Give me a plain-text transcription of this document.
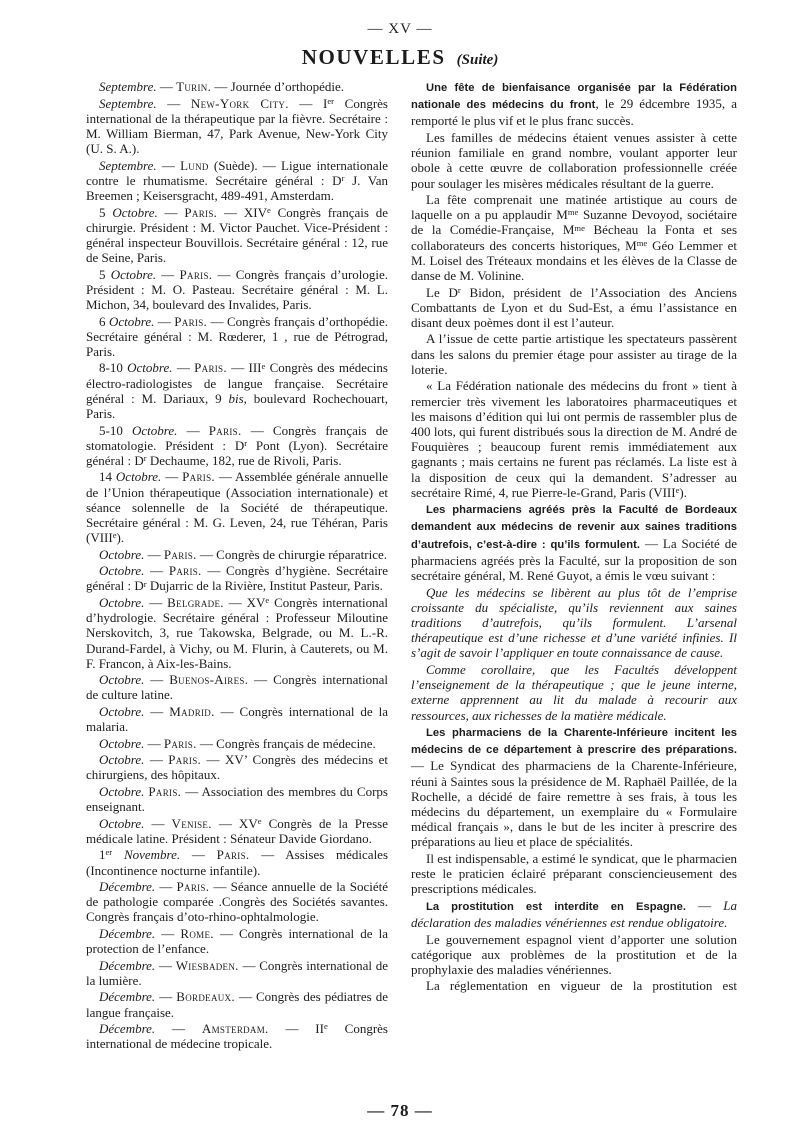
— XV —
NOUVELLES (Suite)

Septembre. — Turin. — Journée d’orthopédie.

Septembre. — New-York City. — Ier Congrès international de la thérapeutique par la fièvre. Secrétaire : M. William Bierman, 47, Park Avenue, New-York City (U. S. A.).

Septembre. — Lund (Suède). — Ligue internationale contre le rhumatisme. Secrétaire général : $D^r$ J. Van Breemen ; Keisersgracht, 489-491, Amsterdam.

5 Octobre. — Paris. — XIVe Congrès français de chirurgie. Président : M. Victor Pauchet. Vice-Président : général inspecteur Bouvillois. Secrétaire général : 12, rue de Seine, Paris.

5 Octobre. — Paris. — Congrès français d’urologie. Président : M. O. Pasteau. Secrétaire général : M. L. Michon, 34, boulevard des Invalides, Paris.

6 Octobre. — Paris. — Congrès français d’orthopédie. Secrétaire général : M. Rœderer, 1 , rue de Pétrograd, Paris.

8-10 Octobre. — Paris. — IIIe Congrès des médecins électro-radiologistes de langue française. Secrétaire général : M. Dariaux, 9 bis, boulevard Rochechouart, Paris.

5-10 Octobre. — Paris. — Congrès français de stomatologie. Président : $D^r$ Pont (Lyon). Secrétaire général : $D^r$ Dechaume, 182, rue de Rivoli, Paris.

14 Octobre. — Paris. — Assemblée générale annuelle de l’Union thérapeutique (Association internationale) et séance solennelle de la Société de thérapeutique. Secrétaire général : M. G. Leven, 24, rue Téhéran, Paris (VIIIe).

Octobre. — Paris. — Congrès de chirurgie réparatrice.

Octobre. — Paris. — Congrès d’hygiène. Secrétaire général : $D^r$ Dujarric de la Rivière, Institut Pasteur, Paris.

Octobre. — Belgrade. — XVe Congrès international d’hydrologie. Secrétaire général : Professeur Miloutine Nerskovitch, 3, rue Takowska, Belgrade, ou M. L.-R. Durand-Fardel, à Vichy, ou M. Flurin, à Cauterets, ou M. F. Francon, à Aix-les-Bains.

Octobre. — Buenos-Aires. — Congrès international de culture latine.

Octobre. — Madrid. — Congrès international de la malaria.

Octobre. — Paris. — Congrès français de médecine.

Octobre. — Paris. — XV’ Congrès des médecins et chirurgiens, des hôpitaux.

Octobre. Paris. — Association des membres du Corps enseignant.

Octobre. — Venise. — XVe Congrès de la Presse médicale latine. Président : Sénateur Davide Giordano.

1er Novembre. — Paris. — Assises médicales (Incontinence nocturne infantile).

Décembre. — Paris. — Séance annuelle de la Société de pathologie comparée .Congrès des Sociétés savantes. Congrès français d’oto-rhino-ophtalmologie.

Décembre. — Rome. — Congrès international de la protection de l’enfance.

Décembre. — Wiesbaden. — Congrès international de la lumière.

Décembre. — Bordeaux. — Congrès des pédiatres de langue française.

Décembre. — Amsterdam. — IIe Congrès international de médecine tropicale.

Une fête de bienfaisance organisée par la Fédération nationale des médecins du front, le 29 édcembre 1935, a remporté le plus vif et le plus franc succès.

Les familles de médecins étaient venues assister à cette réunion familiale en grand nombre, voulant apporter leur obole à cette œuvre de collaboration professionnelle créée pour soulager les misères médicales résultant de la guerre.

La fête comprenait une matinée artistique au cours de laquelle on a pu applaudir $M^{me}$ Suzanne Devoyod, sociétaire de la Comédie-Française, $M^{me}$ Bécheau la Fonta et ses collaborateurs des concerts historiques, $M^{me}$ Géo Lemmer et M. Loisel des Tréteaux mondains et les élèves de la Classe de danse de M. Volinine.

Le $D^r$ Bidon, président de l’Association des Anciens Combattants de Lyon et du Sud-Est, a ému l’assistance en disant deux poèmes dont il est l’auteur.

A l’issue de cette partie artistique les spectateurs passèrent dans les salons du premier étage pour assister au tirage de la loterie.

« La Fédération nationale des médecins du front » tient à remercier très vivement les laboratoires pharmaceutiques et les maisons d’édition qui lui ont permis de rassembler plus de 400 lots, qui furent distribués sous la direction de M. André de Fouquières ; beaucoup furent remis immédiatement aux gagnants ; mais certains ne furent pas réclamés. La liste est à la disposition de ceux qui la demandent. S’adresser au secrétaire Rimé, 4, rue Pierre-le-Grand, Paris (VIIIe).

Les pharmaciens agréés près la Faculté de Bordeaux demandent aux médecins de revenir aux saines traditions d’autrefois, c’est-à-dire : qu’ils formulent. — La Société de pharmaciens agréés près la Faculté, sur la proposition de son secrétaire général, M. René Guyot, a émis le vœu suivant :

Que les médecins se libèrent au plus tôt de l’emprise croissante du spécialiste, qu’ils reviennent aux saines traditions d’autrefois, qu’ils formulent. L’arsenal thérapeutique est d’une richesse et d’une variété infinies. Il s’agit de savoir l’appliquer en toute connaissance de cause.

Comme corollaire, que les Facultés développent l’enseignement de la thérapeutique ; que le jeune interne, externe apprennent au lit du malade à recourir aux ressources, aux richesses de la matière médicale.

Les pharmaciens de la Charente-Inférieure incitent les médecins de ce département à prescrire des préparations. — Le Syndicat des pharmaciens de la Charente-Inférieure, réuni à Saintes sous la présidence de M. Raphaël Paillée, de la Rochelle, a décidé de faire remettre à ses frais, à tous les médecins du département, un exemplaire du « Formulaire médical français », dans le but de les inciter à prescrire des préparations au lieu et place de spécialités.

Il est indispensable, a estimé le syndicat, que le pharmacien reste le praticien éclairé préparant consciencieusement des prescriptions médicales.

La prostitution est interdite en Espagne. — La déclaration des maladies vénériennes est rendue obligatoire.

Le gouvernement espagnol vient d’apporter une solution catégorique aux problèmes de la prostitution et de la prophylaxie des maladies vénériennes.

La réglementation en vigueur de la prostitution est

— 78 —
